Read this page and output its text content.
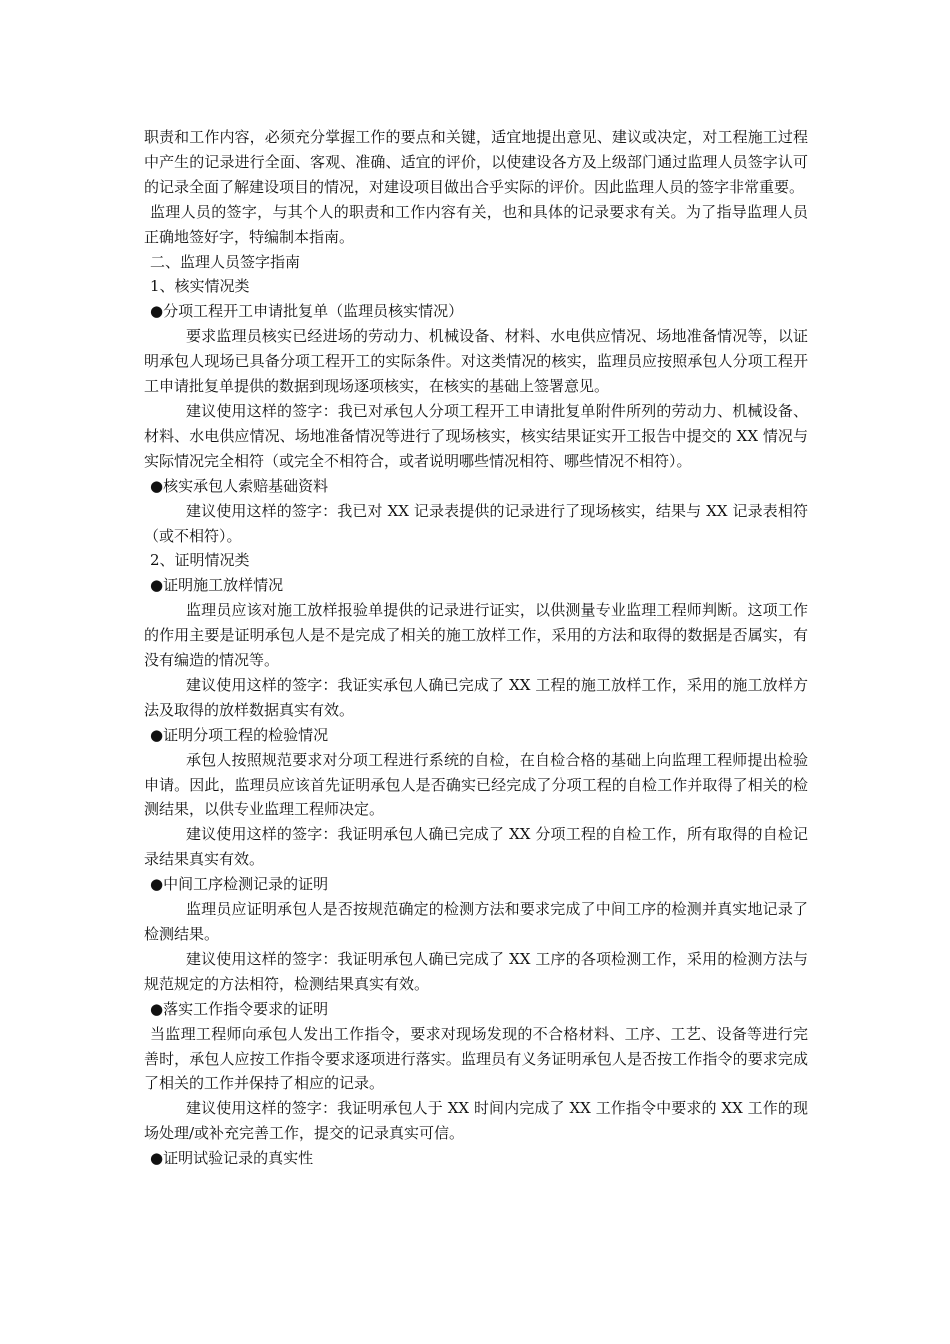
职责和工作内容，必须充分掌握工作的要点和关键，适宜地提出意见、建议或决定，对工程施工过程中产生的记录进行全面、客观、准确、适宜的评价，以使建设各方及上级部门通过监理人员签字认可的记录全面了解建设项目的情况，对建设项目做出合乎实际的评价。因此监理人员的签字非常重要。

监理人员的签字，与其个人的职责和工作内容有关，也和具体的记录要求有关。为了指导监理人员正确地签好字，特编制本指南。

二、监理人员签字指南

1、核实情况类

●分项工程开工申请批复单（监理员核实情况）

要求监理员核实已经进场的劳动力、机械设备、材料、水电供应情况、场地准备情况等，以证明承包人现场已具备分项工程开工的实际条件。对这类情况的核实，监理员应按照承包人分项工程开工申请批复单提供的数据到现场逐项核实，在核实的基础上签署意见。

建议使用这样的签字：我已对承包人分项工程开工申请批复单附件所列的劳动力、机械设备、材料、水电供应情况、场地准备情况等进行了现场核实，核实结果证实开工报告中提交的 XX 情况与实际情况完全相符（或完全不相符合，或者说明哪些情况相符、哪些情况不相符）。

●核实承包人索赔基础资料

建议使用这样的签字：我已对 XX 记录表提供的记录进行了现场核实，结果与 XX 记录表相符（或不相符）。

2、证明情况类

●证明施工放样情况

监理员应该对施工放样报验单提供的记录进行证实，以供测量专业监理工程师判断。这项工作的作用主要是证明承包人是不是完成了相关的施工放样工作，采用的方法和取得的数据是否属实，有没有编造的情况等。

建议使用这样的签字：我证实承包人确已完成了 XX 工程的施工放样工作，采用的施工放样方法及取得的放样数据真实有效。

●证明分项工程的检验情况

承包人按照规范要求对分项工程进行系统的自检，在自检合格的基础上向监理工程师提出检验申请。因此，监理员应该首先证明承包人是否确实已经完成了分项工程的自检工作并取得了相关的检测结果，以供专业监理工程师决定。

建议使用这样的签字：我证明承包人确已完成了 XX 分项工程的自检工作，所有取得的自检记录结果真实有效。

●中间工序检测记录的证明

监理员应证明承包人是否按规范确定的检测方法和要求完成了中间工序的检测并真实地记录了检测结果。

建议使用这样的签字：我证明承包人确已完成了 XX 工序的各项检测工作，采用的检测方法与规范规定的方法相符，检测结果真实有效。

●落实工作指令要求的证明

当监理工程师向承包人发出工作指令，要求对现场发现的不合格材料、工序、工艺、设备等进行完善时，承包人应按工作指令要求逐项进行落实。监理员有义务证明承包人是否按工作指令的要求完成了相关的工作并保持了相应的记录。

建议使用这样的签字：我证明承包人于 XX 时间内完成了 XX 工作指令中要求的 XX 工作的现场处理/或补充完善工作，提交的记录真实可信。

●证明试验记录的真实性
